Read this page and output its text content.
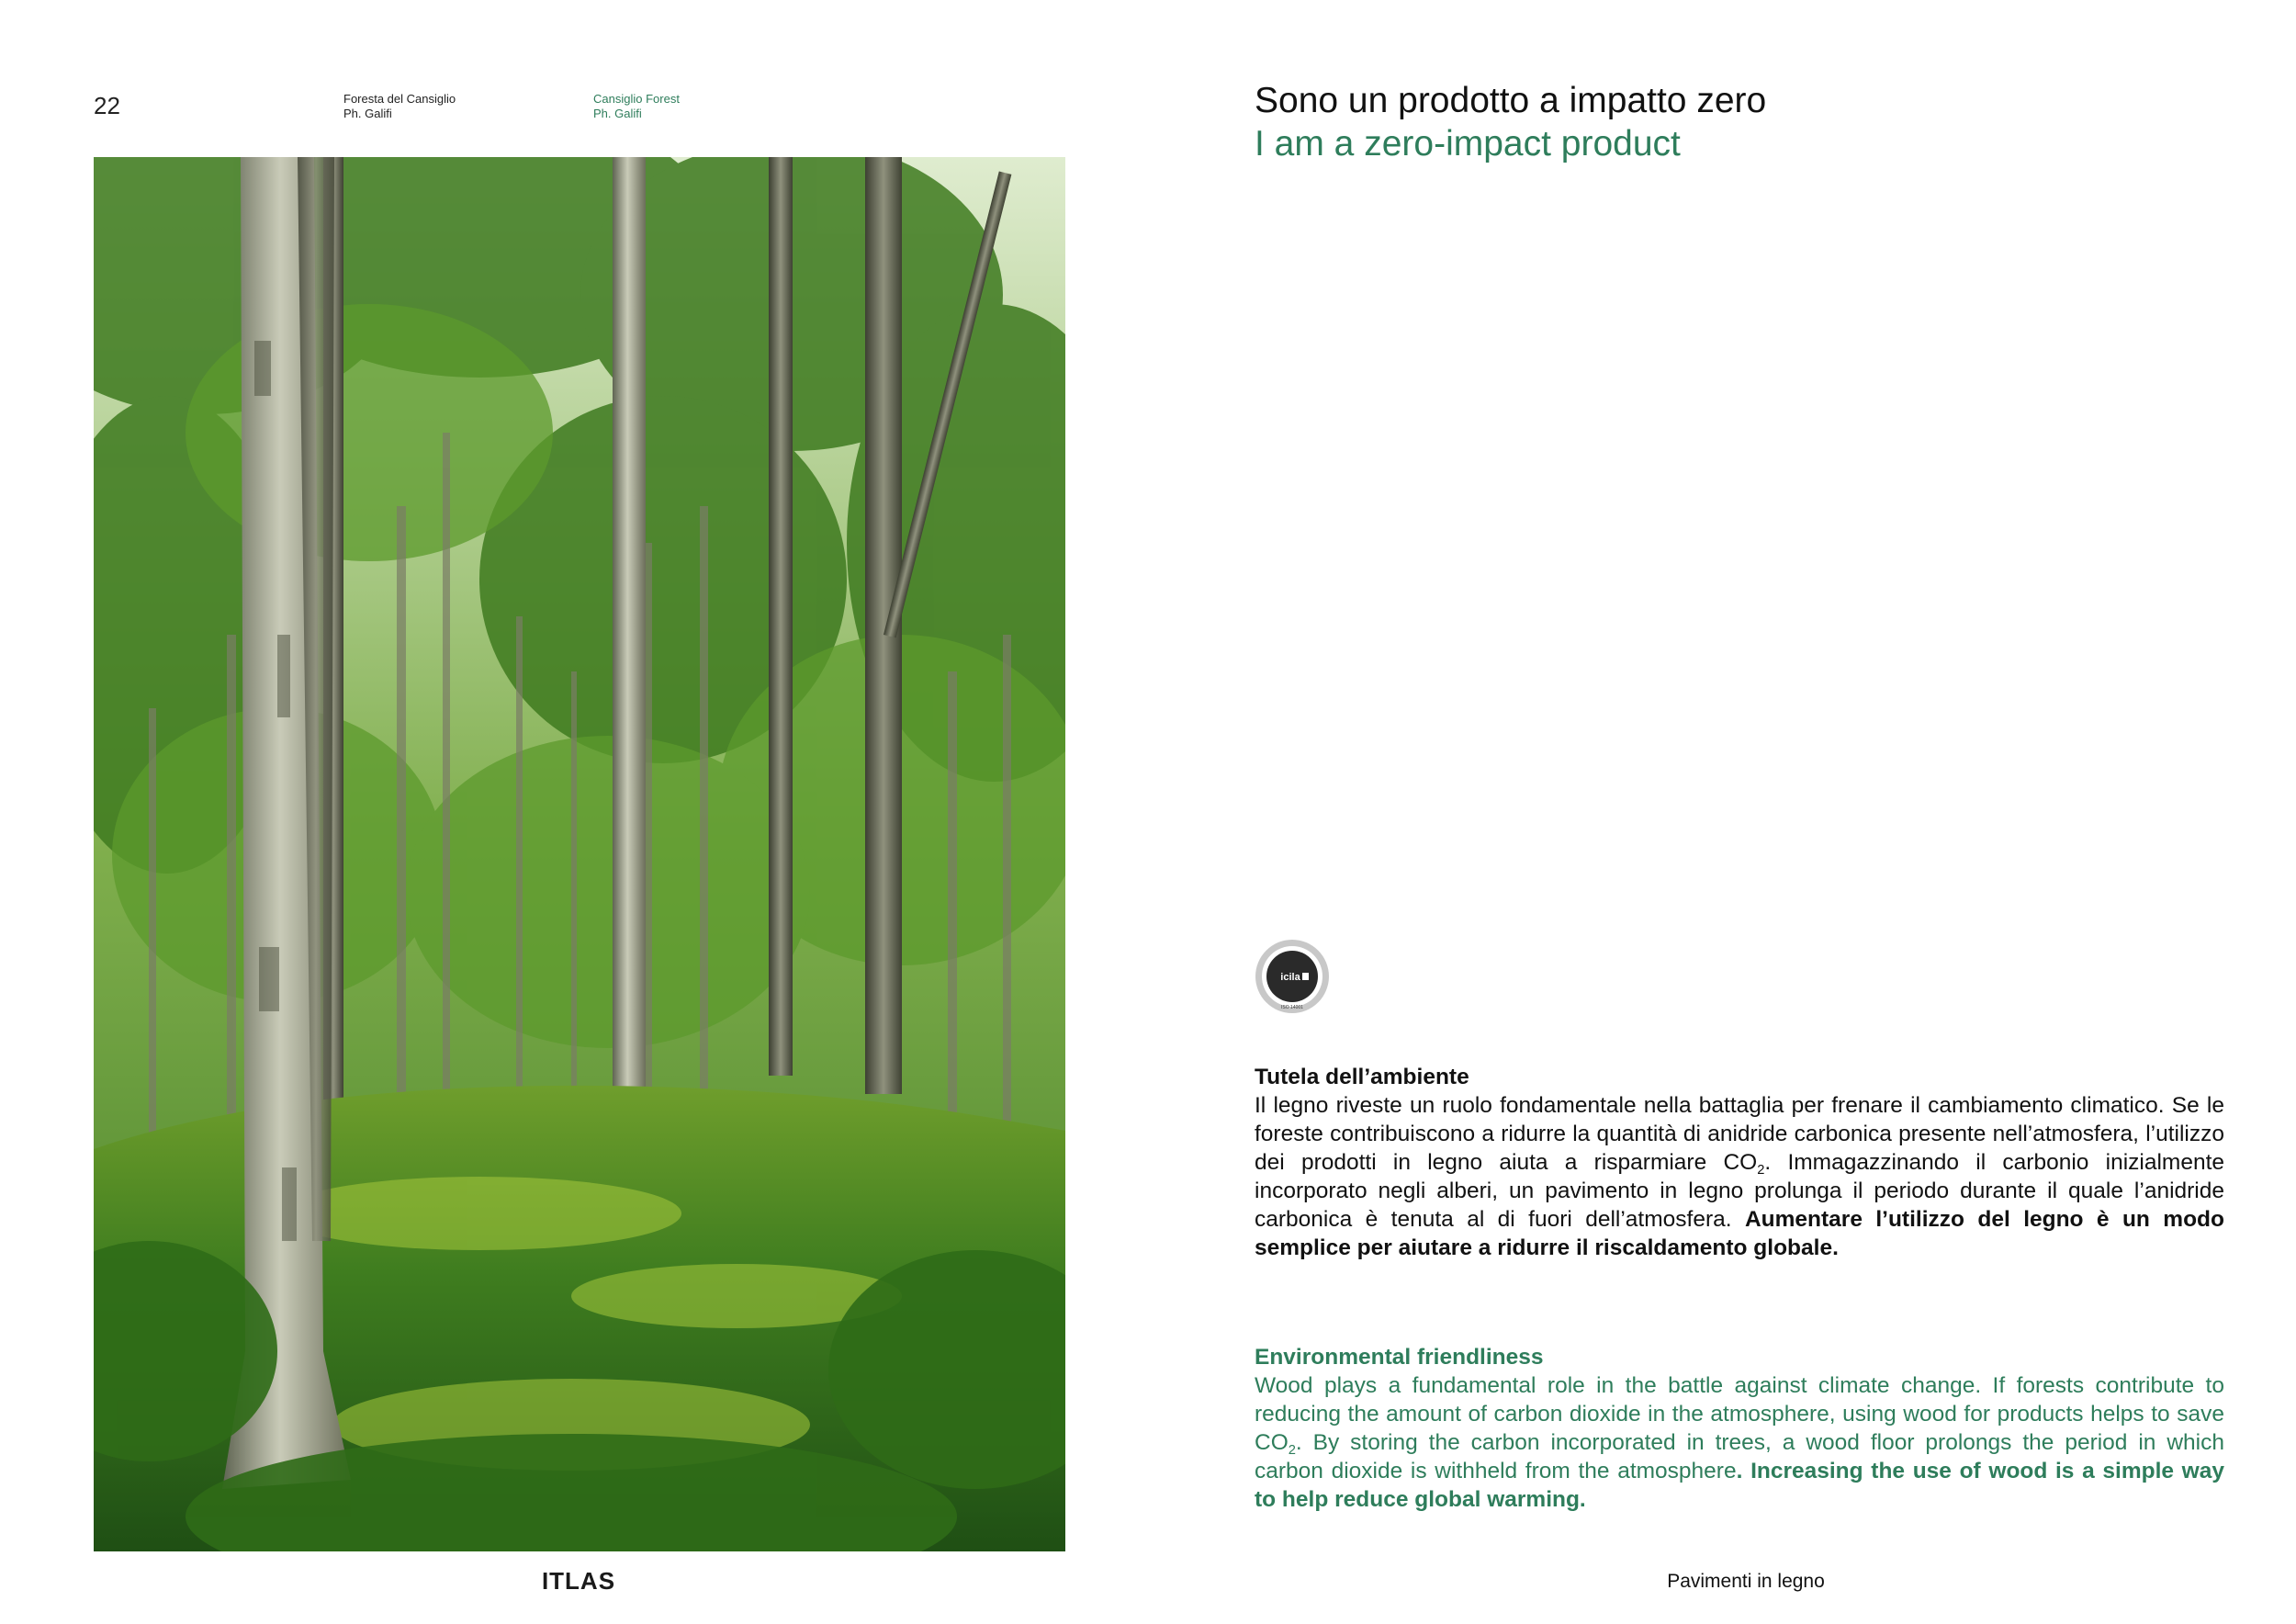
22	Foresta del Cansiglio
Ph. Galifi
Cansiglio Forest
Ph. Galifi
ITLAS
Sono un prodotto a impatto zero
I am a zero-impact product
icila
ISO 14001
Tutela dell’ambiente
Il legno riveste un ruolo fondamentale nella battaglia per frenare il cambiamento climatico. Se le foreste contribuiscono a ridurre la quantità di anidride carbonica presente nell’atmosfera, l’utilizzo dei prodotti in legno aiuta a risparmiare $CO_2$. Immagazzinando il carbonio inizialmente incorporato negli alberi, un pavimento in legno prolunga il periodo durante il quale l’anidride carbonica è tenuta al di fuori dell’atmosfera. Aumentare l’utilizzo del legno è un modo semplice per aiutare a ridurre il riscaldamento globale.
Environmental friendliness
Wood plays a fundamental role in the battle against climate change. If forests contribute to reducing the amount of carbon dioxide in the atmosphere, using wood for products helps to save $CO_2$. By storing the carbon incorporated in trees, a wood floor prolongs the period in which carbon dioxide is withheld from the atmosphere. Increasing the use of wood is a simple way to help reduce global warming.
Pavimenti in legno
